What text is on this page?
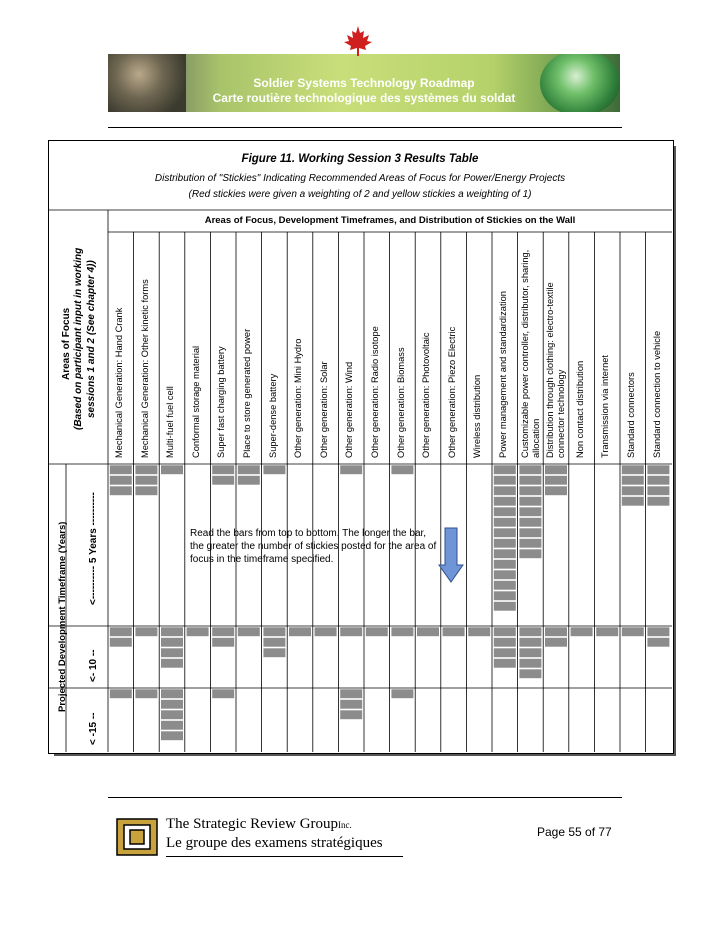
Soldier Systems Technology Roadmap
Carte routière technologique des systèmes du soldat
Figure 11. Working Session 3 Results Table
Distribution of "Stickies" Indicating Recommended Areas of Focus for Power/Energy Projects
(Red stickies were given a weighting of 2 and yellow stickies a weighting of 1)
Areas of Focus, Development Timeframes, and Distribution of Stickies on the Wall
Areas of Focus (Based on participant input in working sessions 1 and 2 (See chapter 4))
Projected Development Timeframe (Years) <---------- 5 Years ----------
<- 10 --
< -15 --
Mechanical Generation: Hand Crank Mechanical Generation: Other kinetic forms Multi-fuel fuel cell Conformal storage material Super fast charging battery Place to store generated power Super-dense battery Other generation: Mini Hydro Other generation: Solar Other generation: Wind Other generation: Radio isotope Other generation: Biomass Other generation: Photovoltaic Other generation: Piezo Electric Wireless distribution Power management and standardization Customizable power controller, distributor, sharing, allocation Distribution through clothing: electro-textile connector technology Non contact distribution Transmission via internet Standard connectors Standard connection to vehicle
Read the bars from top to bottom. The longer the bar, the greater the number of stickies posted for the area of focus in the timeframe specified.
The Strategic Review GroupInc.
Le groupe des examens stratégiques
Page 55 of 77
